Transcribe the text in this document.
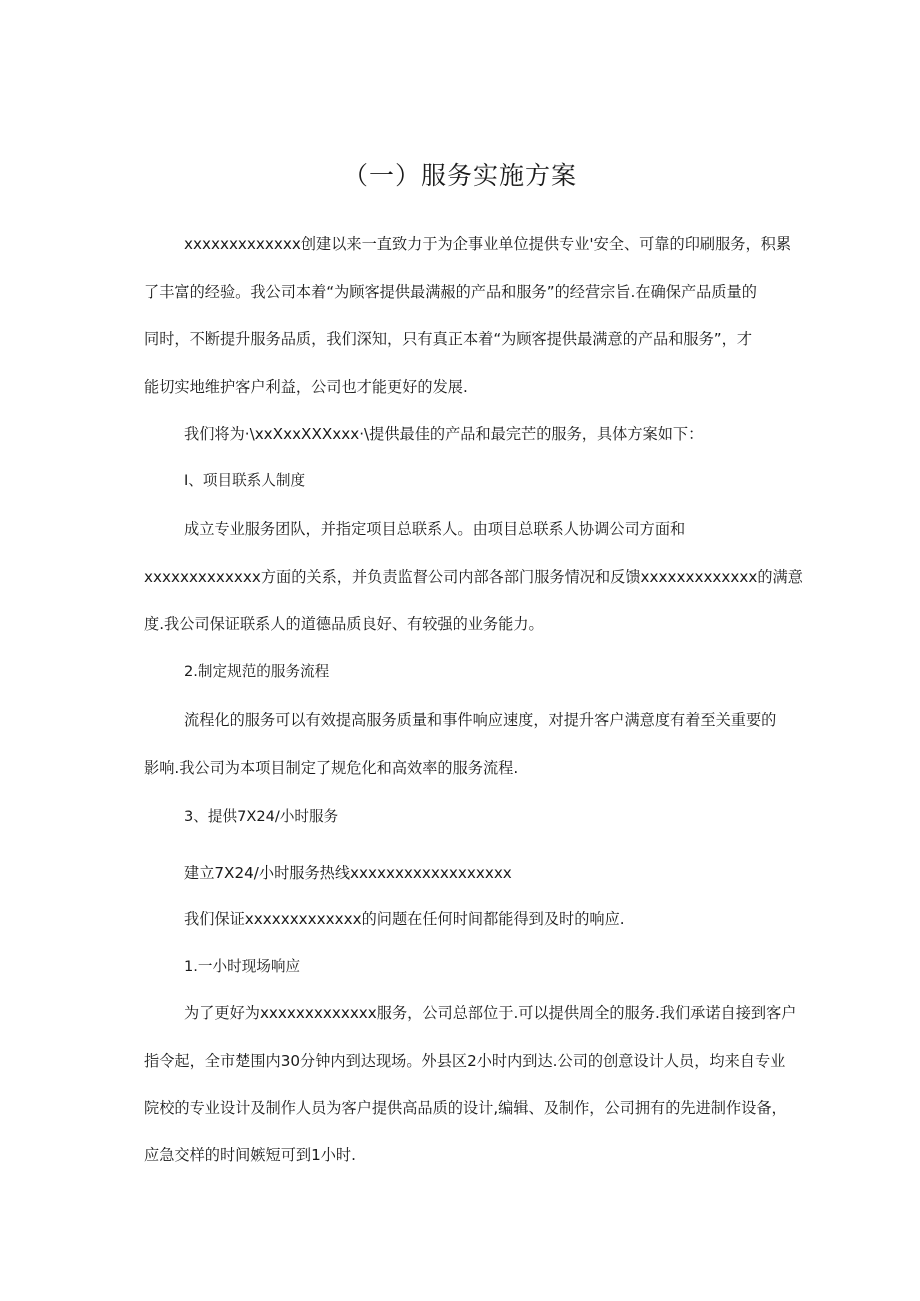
（一）服务实施方案
xxxxxxxxxxxxx创建以来一直致力于为企事业单位提供专业'安全、可靠的印刷服务，积累
了丰富的经验。我公司本着“为顾客提供最满赧的产品和服务”的经营宗旨.在确保产品质量的
同时，不断提升服务品质，我们深知，只有真正本着“为顾客提供最满意的产品和服务”，才
能切实地维护客户利益，公司也才能更好的发展.
我们将为·\xxXxxXXXxxx·\提供最佳的产品和最完芒的服务，具体方案如下：
I、项目联系人制度
成立专业服务团队，并指定项目总联系人。由项目总联系人协调公司方面和
xxxxxxxxxxxxx方面的关系，并负责监督公司内部各部门服务情况和反馈xxxxxxxxxxxxx的满意
度.我公司保证联系人的道德品质良好、有较强的业务能力。
2.制定规范的服务流程
流程化的服务可以有效提高服务质量和事件响应速度，对提升客户满意度有着至关重要的
影响.我公司为本项目制定了规危化和高效率的服务流程.
3、提供7X24/小时服务
建立7X24/小时服务热线xxxxxxxxxxxxxxxxxx
我们保证xxxxxxxxxxxxx的问题在任何时间都能得到及时的响应.
1.一小时现场响应
为了更好为xxxxxxxxxxxxx服务，公司总部位于.可以提供周全的服务.我们承诺自接到客户
指令起，全市楚围内30分钟内到达现场。外县区2小时内到达.公司的创意设计人员，均来自专业
院校的专业设计及制作人员为客户提供高品质的设计,编辑、及制作，公司拥有的先进制作设备，
应急交样的时间嫉短可到1小时.
